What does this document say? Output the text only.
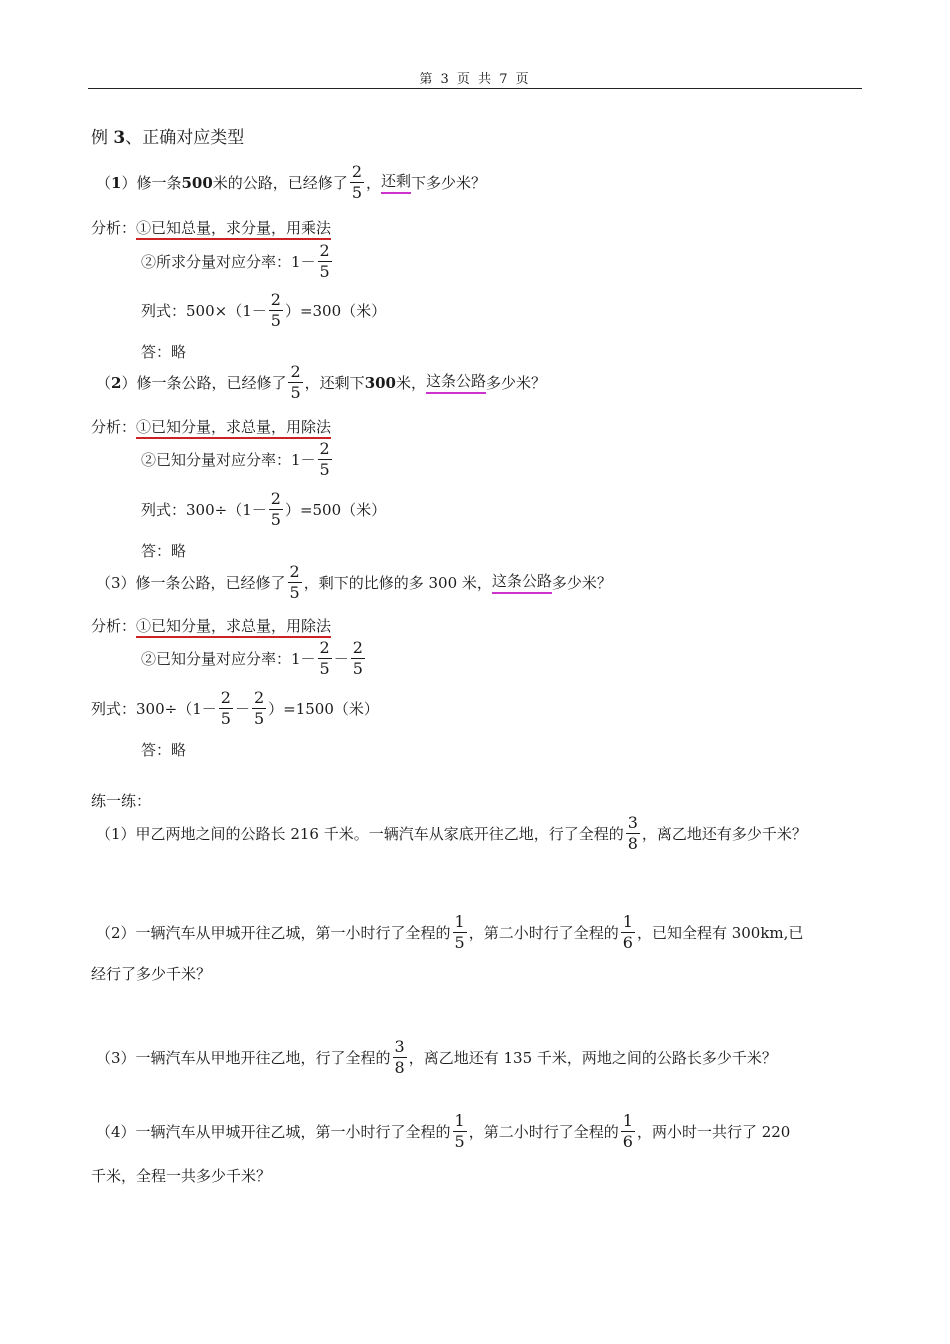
第 3 页 共 7 页
例 3、正确对应类型
（ 1 ） 修一条 500 米的公路，已经修了 $\frac{2}{5}$ ， 还剩 下多少米？
分析：①已知总量，求分量，用乘法
②所求分量对应分率：$1- \frac{2}{5}$
列式：$500\times(1- \frac{2}{5} )=300$（米）
答：略
（ 2 ） 修一条公路，已经修了 $\frac{2}{5}$ ，还剩下 300 米， 这条公路 多少米？
分析：①已知分量，求总量，用除法
②已知分量对应分率：$1- \frac{2}{5}$
列式：$300\div(1- \frac{2}{5} )=500$（米）
答：略
（3）修一条公路，已经修了 $\frac{2}{5}$ ，剩下的比修的多 300 米， 这条公路 多少米？
分析：①已知分量，求总量，用除法
②已知分量对应分率：$1- \frac{2}{5} - \frac{2}{5}$
列式：$300\div(1- \frac{2}{5} - \frac{2}{5} )=1500$（米）
答：略
练一练：
（1）甲乙两地之间的公路长 216 千米。一辆汽车从家底开往乙地，行了全程的 $\frac{3}{8}$ ，离乙地还有多少千米？
（2）一辆汽车从甲城开往乙城，第一小时行了全程的 $\frac{1}{5}$ ，第二小时行了全程的 $\frac{1}{6}$ ，已知全程有 300km,已
经行了多少千米？
（3）一辆汽车从甲地开往乙地，行了全程的 $\frac{3}{8}$ ，离乙地还有 135 千米，两地之间的公路长多少千米？
（4）一辆汽车从甲城开往乙城，第一小时行了全程的 $\frac{1}{5}$ ，第二小时行了全程的 $\frac{1}{6}$ ，两小时一共行了 220
千米，全程一共多少千米？
